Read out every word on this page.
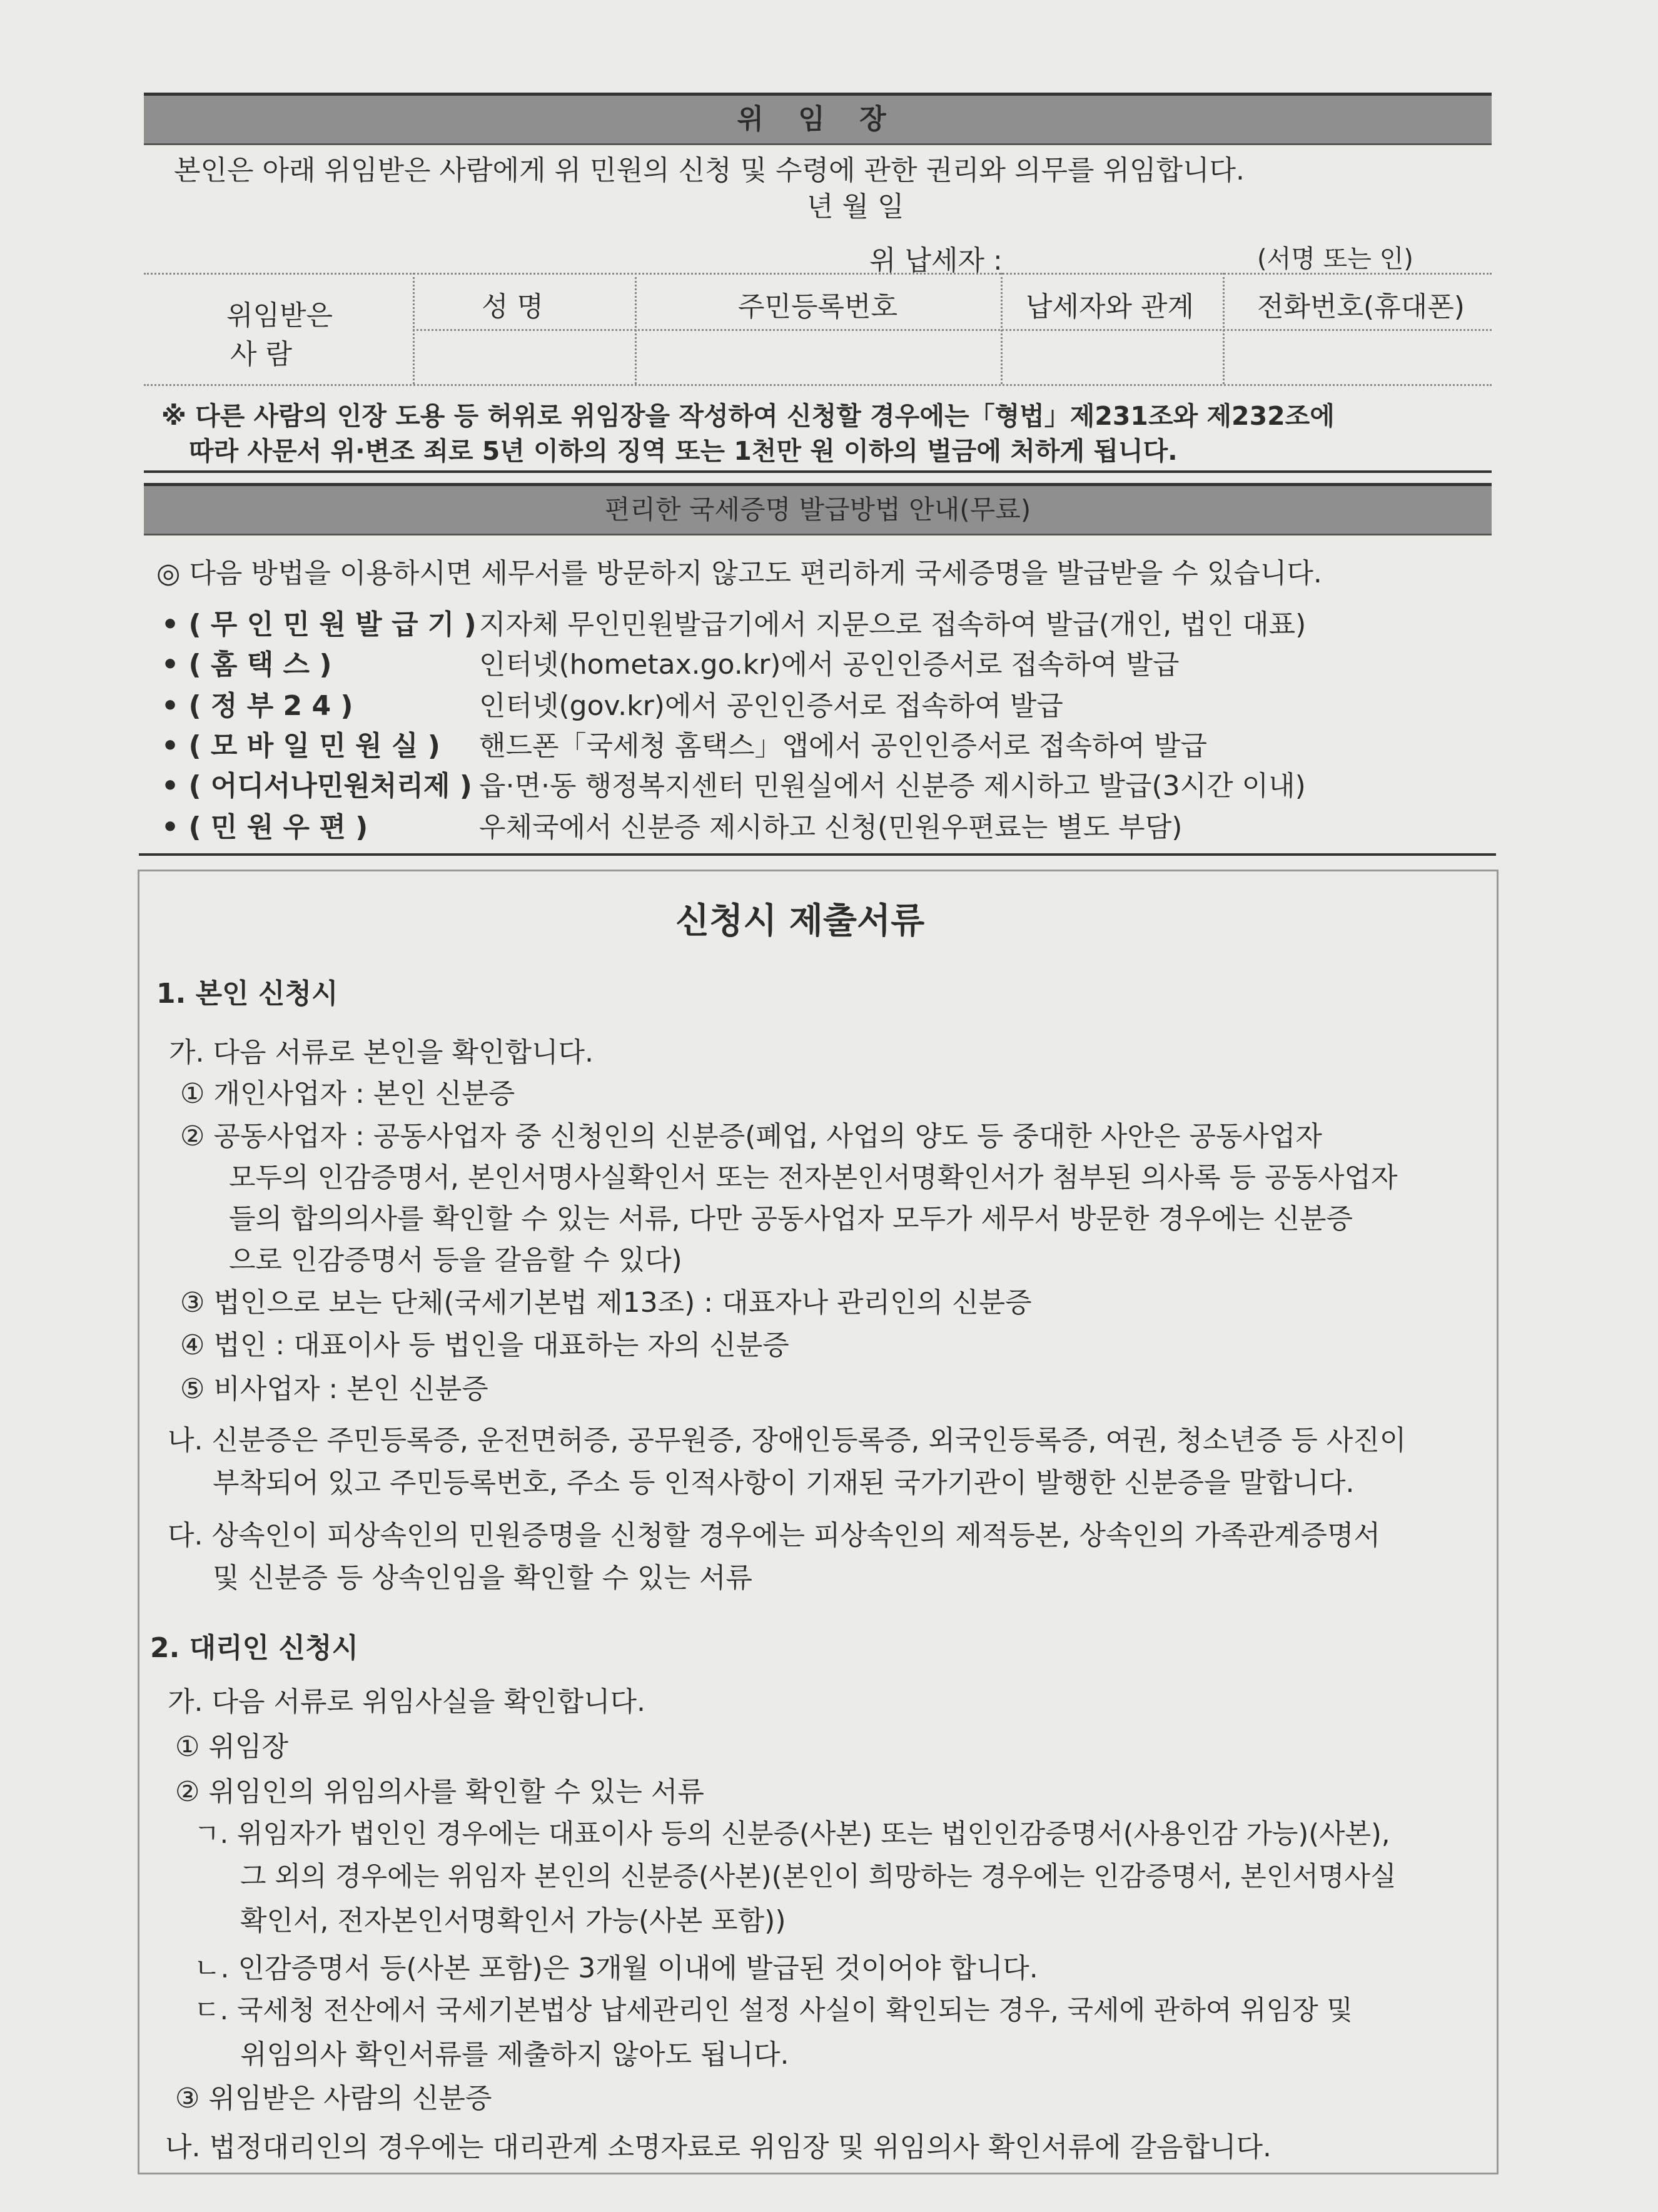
위 임 장
본인은 아래 위임받은 사람에게 위 민원의 신청 및 수령에 관한 권리와 의무를 위임합니다.
년 월 일
위 납세자 :	(서명 또는 인)
위임받은
사 람
성 명	주민등록번호	납세자와 관계 전화번호(휴대폰)
※ 다른 사람의 인장 도용 등 허위로 위임장을 작성하여 신청할 경우에는「형법」제231조와 제232조에
따라 사문서 위·변조 죄로 5년 이하의 징역 또는 1천만 원 이하의 벌금에 처하게 됩니다.
편리한 국세증명 발급방법 안내(무료)
◎ 다음 방법을 이용하시면 세무서를 방문하지 않고도 편리하게 국세증명을 발급받을 수 있습니다.
• ( 무 인 민 원 발 급 기 ) 지자체 무인민원발급기에서 지문으로 접속하여 발급(개인, 법인 대표)
• ( 홈 택 스 )	인터넷(hometax.go.kr)에서 공인인증서로 접속하여 발급
• ( 정 부 2 4 )	인터넷(gov.kr)에서 공인인증서로 접속하여 발급
• ( 모 바 일 민 원 실 ) 핸드폰「국세청 홈택스」앱에서 공인인증서로 접속하여 발급
• ( 어디서나민원처리제 ) 읍·면·동 행정복지센터 민원실에서 신분증 제시하고 발급(3시간 이내)
• ( 민 원 우 편 )	우체국에서 신분증 제시하고 신청(민원우편료는 별도 부담)
신청시 제출서류
1. 본인 신청시
가. 다음 서류로 본인을 확인합니다.
① 개인사업자 : 본인 신분증
② 공동사업자 : 공동사업자 중 신청인의 신분증(폐업, 사업의 양도 등 중대한 사안은 공동사업자
모두의 인감증명서, 본인서명사실확인서 또는 전자본인서명확인서가 첨부된 의사록 등 공동사업자
들의 합의의사를 확인할 수 있는 서류, 다만 공동사업자 모두가 세무서 방문한 경우에는 신분증
으로 인감증명서 등을 갈음할 수 있다)
③ 법인으로 보는 단체(국세기본법 제13조) : 대표자나 관리인의 신분증
④ 법인 : 대표이사 등 법인을 대표하는 자의 신분증
⑤ 비사업자 : 본인 신분증
나. 신분증은 주민등록증, 운전면허증, 공무원증, 장애인등록증, 외국인등록증, 여권, 청소년증 등 사진이
부착되어 있고 주민등록번호, 주소 등 인적사항이 기재된 국가기관이 발행한 신분증을 말합니다.
다. 상속인이 피상속인의 민원증명을 신청할 경우에는 피상속인의 제적등본, 상속인의 가족관계증명서
및 신분증 등 상속인임을 확인할 수 있는 서류
2. 대리인 신청시
가. 다음 서류로 위임사실을 확인합니다.
① 위임장
② 위임인의 위임의사를 확인할 수 있는 서류
ㄱ. 위임자가 법인인 경우에는 대표이사 등의 신분증(사본) 또는 법인인감증명서(사용인감 가능)(사본),
그 외의 경우에는 위임자 본인의 신분증(사본)(본인이 희망하는 경우에는 인감증명서, 본인서명사실
확인서, 전자본인서명확인서 가능(사본 포함))
ㄴ. 인감증명서 등(사본 포함)은 3개월 이내에 발급된 것이어야 합니다.
ㄷ. 국세청 전산에서 국세기본법상 납세관리인 설정 사실이 확인되는 경우, 국세에 관하여 위임장 및
위임의사 확인서류를 제출하지 않아도 됩니다.
③ 위임받은 사람의 신분증
나. 법정대리인의 경우에는 대리관계 소명자료로 위임장 및 위임의사 확인서류에 갈음합니다.
